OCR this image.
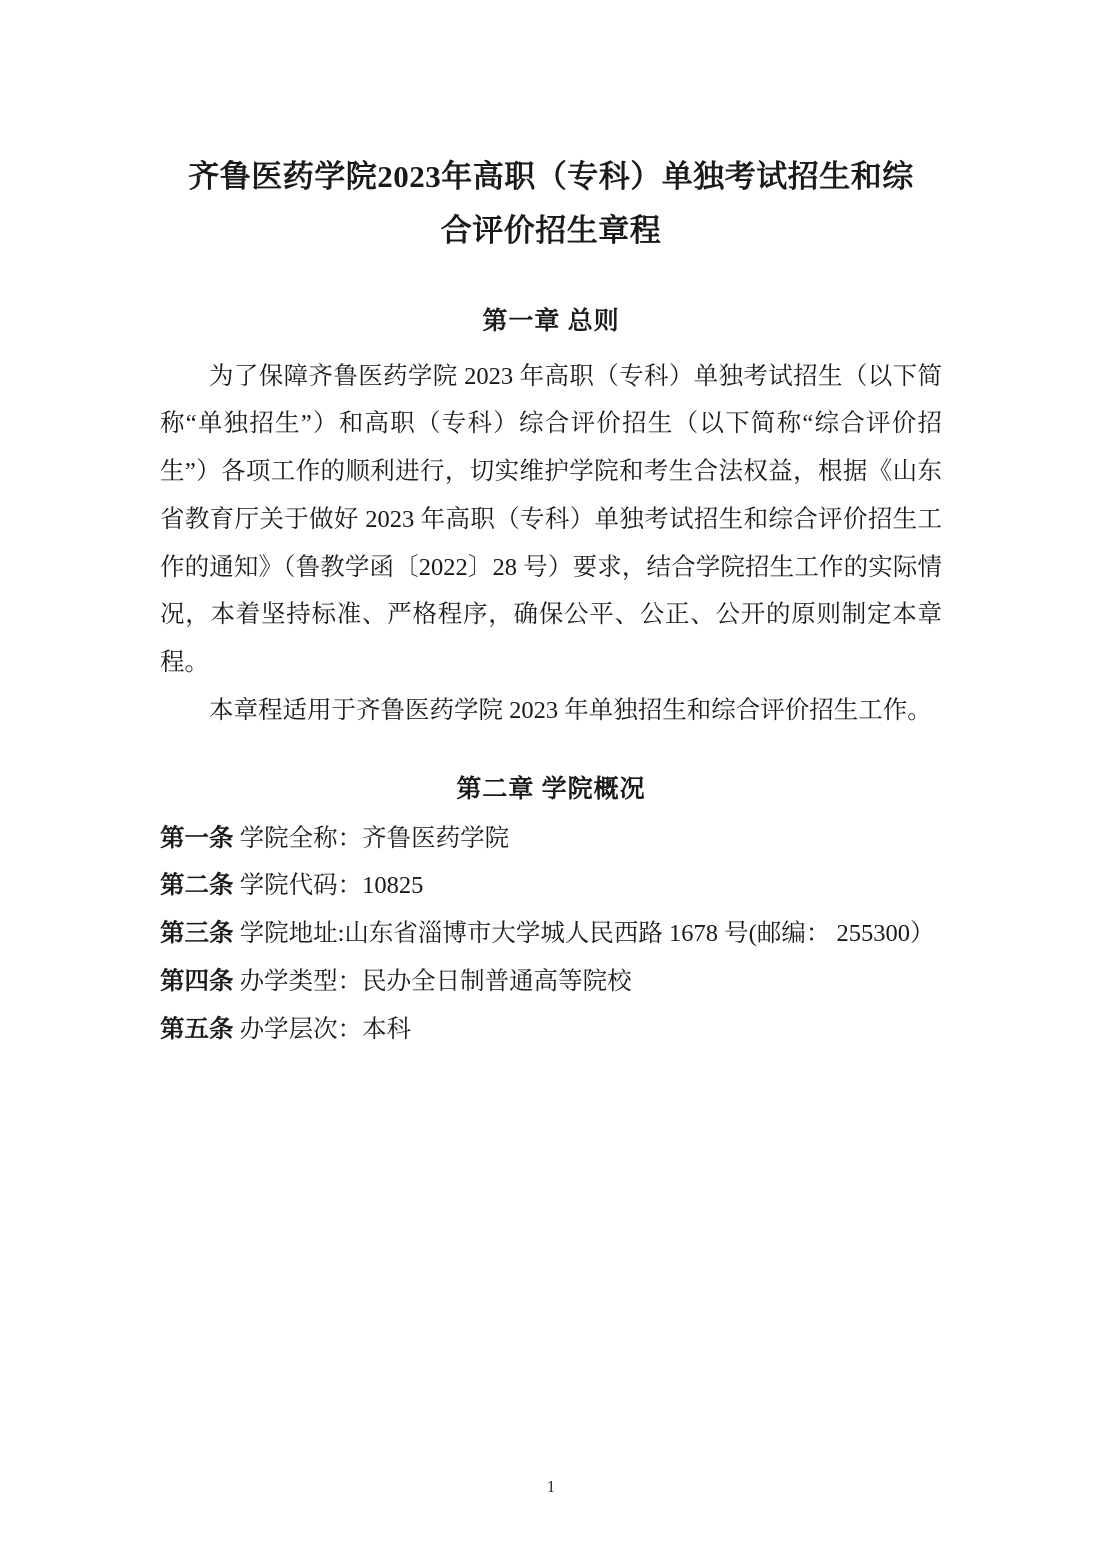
齐鲁医药学院2023年高职（专科）单独考试招生和综合评价招生章程
第一章 总则

为了保障齐鲁医药学院 2023 年高职（专科）单独考试招生（以下简称“单独招生”）和高职（专科）综合评价招生（以下简称“综合评价招生”）各项工作的顺利进行，切实维护学院和考生合法权益，根据《山东省教育厅关于做好 2023 年高职（专科）单独考试招生和综合评价招生工作的通知》（鲁教学函〔2022〕28 号）要求，结合学院招生工作的实际情况，本着坚持标准、严格程序，确保公平、公正、公开的原则制定本章程。

本章程适用于齐鲁医药学院 2023 年单独招生和综合评价招生工作。

第二章 学院概况

第一条 学院全称：齐鲁医药学院

第二条 学院代码：10825

第三条 学院地址:山东省淄博市大学城人民西路 1678 号(邮编： 255300）

第四条 办学类型：民办全日制普通高等院校

第五条 办学层次：本科

1
